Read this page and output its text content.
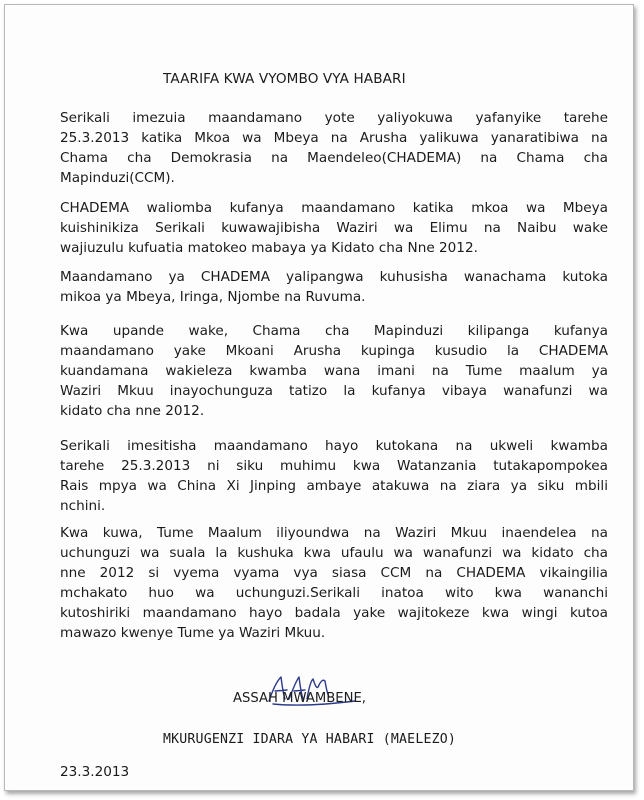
TAARIFA KWA VYOMBO VYA HABARI
Serikali imezuia maandamano yote yaliyokuwa yafanyike tarehe
25.3.2013 katika Mkoa wa Mbeya na Arusha yalikuwa yanaratibiwa na
Chama cha Demokrasia na Maendeleo(CHADEMA) na Chama cha
Mapinduzi(CCM).
CHADEMA waliomba kufanya maandamano katika mkoa wa Mbeya
kuishinikiza Serikali kuwawajibisha Waziri wa Elimu na Naibu wake
wajiuzulu kufuatia matokeo mabaya ya Kidato cha Nne 2012.
Maandamano ya CHADEMA yalipangwa kuhusisha wanachama kutoka
mikoa ya Mbeya, Iringa, Njombe na Ruvuma.
Kwa upande wake, Chama cha Mapinduzi kilipanga kufanya
maandamano yake Mkoani Arusha kupinga kusudio la CHADEMA
kuandamana wakieleza kwamba wana imani na Tume maalum ya
Waziri Mkuu inayochunguza tatizo la kufanya vibaya wanafunzi wa
kidato cha nne 2012.
Serikali imesitisha maandamano hayo kutokana na ukweli kwamba
tarehe 25.3.2013 ni siku muhimu kwa Watanzania tutakapompokea
Rais mpya wa China Xi Jinping ambaye atakuwa na ziara ya siku mbili
nchini.
Kwa kuwa, Tume Maalum iliyoundwa na Waziri Mkuu inaendelea na
uchunguzi wa suala la kushuka kwa ufaulu wa wanafunzi wa kidato cha
nne 2012 si vyema vyama vya siasa CCM na CHADEMA vikaingilia
mchakato huo wa uchunguzi.Serikali inatoa wito kwa wananchi
kutoshiriki maandamano hayo badala yake wajitokeze kwa wingi kutoa
mawazo kwenye Tume ya Waziri Mkuu.
ASSAH MWAMBENE,
MKURUGENZI IDARA YA HABARI (MAELEZO)
23.3.2013
